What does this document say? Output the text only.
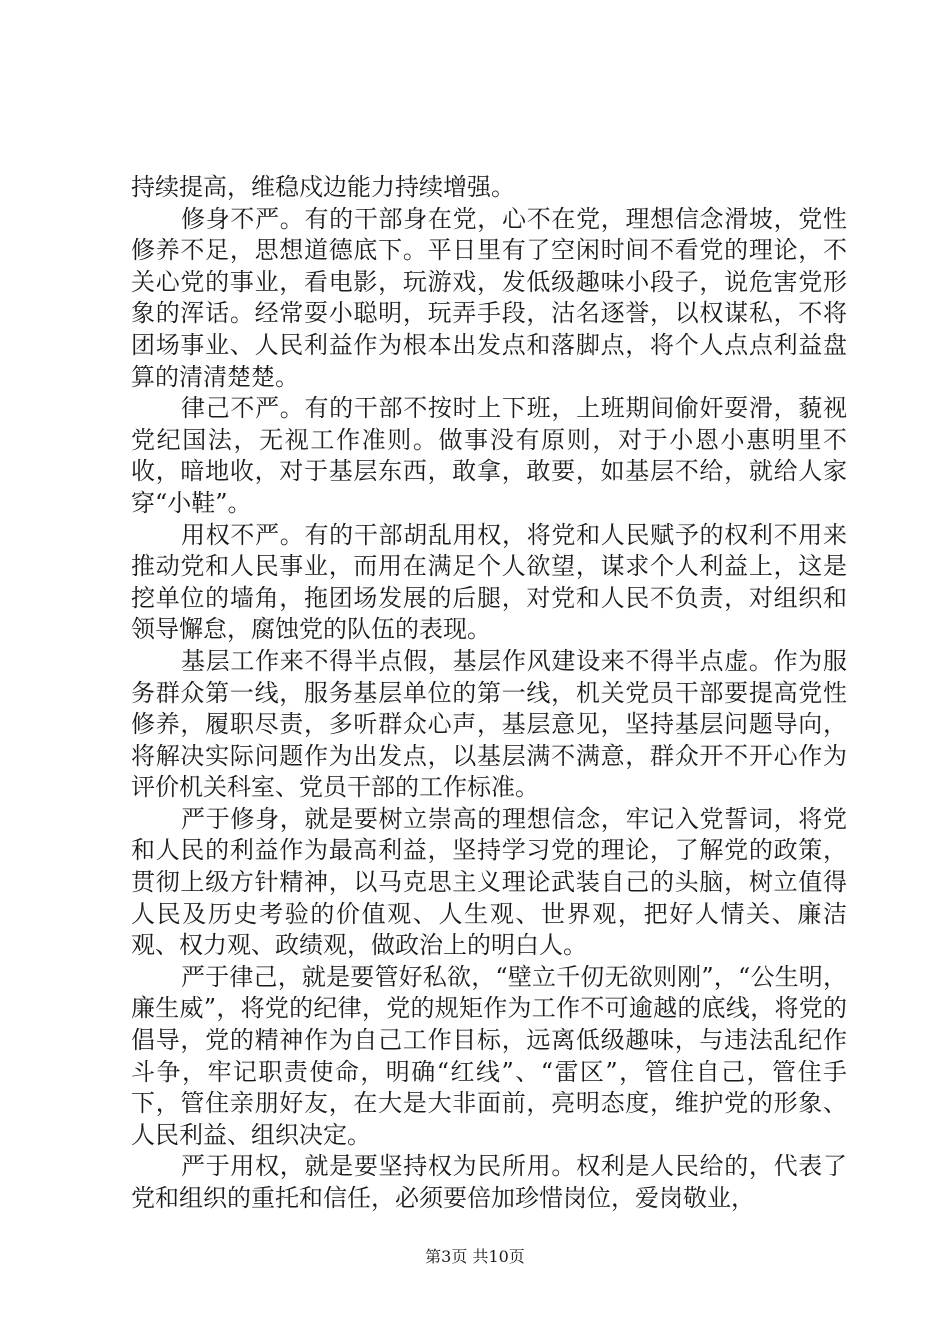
持续提高，维稳戍边能力持续增强。

修身不严。有的干部身在党，心不在党，理想信念滑坡，党性修养不足，思想道德底下。平日里有了空闲时间不看党的理论，不关心党的事业，看电影，玩游戏，发低级趣味小段子，说危害党形象的浑话。经常耍小聪明，玩弄手段，沽名逐誉，以权谋私，不将团场事业、人民利益作为根本出发点和落脚点，将个人点点利益盘算的清清楚楚。

律己不严。有的干部不按时上下班，上班期间偷奸耍滑，藐视党纪国法，无视工作准则。做事没有原则，对于小恩小惠明里不收，暗地收，对于基层东西，敢拿，敢要，如基层不给，就给人家穿“小鞋”。

用权不严。有的干部胡乱用权，将党和人民赋予的权利不用来推动党和人民事业，而用在满足个人欲望，谋求个人利益上，这是挖单位的墙角，拖团场发展的后腿，对党和人民不负责，对组织和领导懈怠，腐蚀党的队伍的表现。

基层工作来不得半点假，基层作风建设来不得半点虚。作为服务群众第一线，服务基层单位的第一线，机关党员干部要提高党性修养，履职尽责，多听群众心声，基层意见，坚持基层问题导向，将解决实际问题作为出发点，以基层满不满意，群众开不开心作为评价机关科室、党员干部的工作标准。

严于修身，就是要树立崇高的理想信念，牢记入党誓词，将党和人民的利益作为最高利益，坚持学习党的理论，了解党的政策，贯彻上级方针精神，以马克思主义理论武装自己的头脑，树立值得人民及历史考验的价值观、人生观、世界观，把好人情关、廉洁观、权力观、政绩观，做政治上的明白人。

严于律己，就是要管好私欲，“壁立千仞无欲则刚”，“公生明，廉生威”，将党的纪律，党的规矩作为工作不可逾越的底线，将党的倡导，党的精神作为自己工作目标，远离低级趣味，与违法乱纪作斗争，牢记职责使命，明确“红线”、“雷区”，管住自己，管住手下，管住亲朋好友，在大是大非面前，亮明态度，维护党的形象、人民利益、组织决定。

严于用权，就是要坚持权为民所用。权利是人民给的，代表了党和组织的重托和信任，必须要倍加珍惜岗位，爱岗敬业，

第3页 共10页
